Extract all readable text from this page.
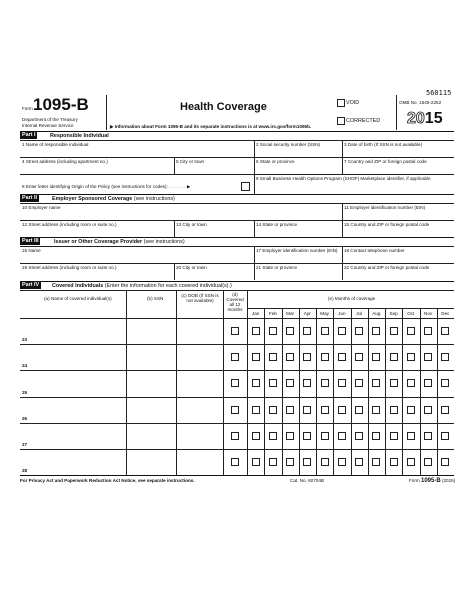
560115
Form 1095-B
Department of the Treasury
Internal Revenue Service
Health Coverage
▶ Information about Form 1095-B and its separate instructions is at www.irs.gov/form1095b.
VOID
CORRECTED
OMB No. 1545-2252
2015
Part I	Responsible Individual
1 Name of responsible individual	2 Social security number (SSN)	3 Date of birth (If SSN is not available)
4 Street address (including apartment no.)	5 City or town	6 State or province	7 Country and ZIP or foreign postal code
8 Enter letter identifying Origin of the Policy (see instructions for codes): . . . . . . . ▶
9 Small Business Health Options Program (SHOP) Marketplace identifier, if applicable
Part II	Employer Sponsored Coverage (see instructions)
10 Employer name	11 Employer identification number (EIN)
12 Street address (including room or suite no.)	13 City or town	14 State or province	15 Country and ZIP or foreign postal code
Part III	Issuer or Other Coverage Provider (see instructions)
16 Name	17 Employer identification number (EIN) 18 Contact telephone number
19 Street address (including room or suite no.)	20 City or town	21 State or province	22 Country and ZIP or foreign postal code
Part IV	Covered Individuals (Enter the information for each covered individual(s).)
(a) Name of covered individual(s)	(b) SSN
(c) DOB (If SSN is not available)
(d) Covered all 12 months
(e) Months of coverage
Jan	Feb	Mar	Apr	May	Jun	Jul	Aug	Sep	Oct	Nov	Dec
23
24
25
26
27
28
For Privacy Act and Paperwork Reduction Act Notice, see separate instructions.	Cat. No. 60704B	Form 1095-B (2015)
